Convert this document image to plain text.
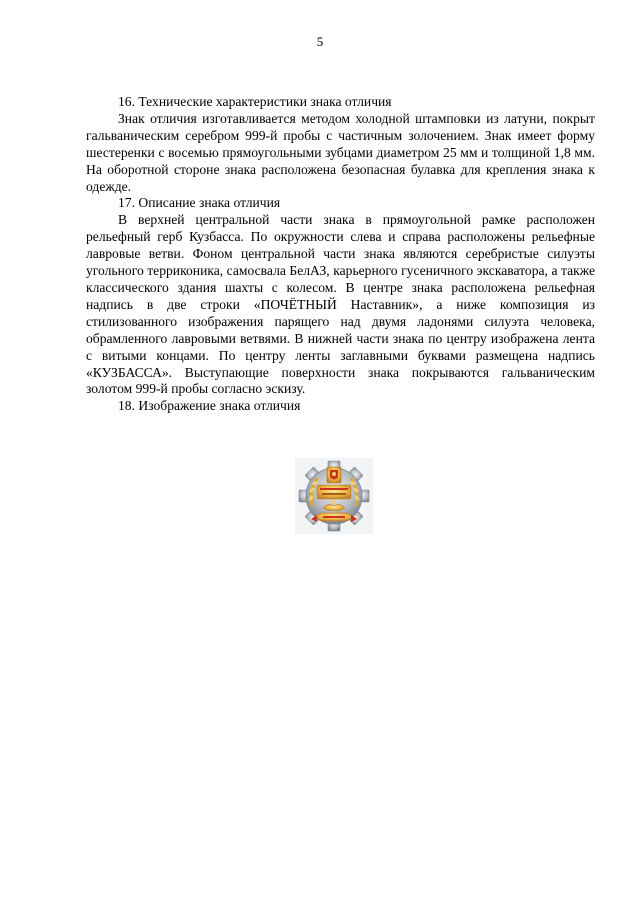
5

16. Технические характеристики знака отличия

Знак отличия изготавливается методом холодной штамповки из латуни, покрыт гальваническим серебром 999-й пробы с частичным золочением. Знак имеет форму шестеренки с восемью прямоугольными зубцами диаметром 25 мм и толщиной 1,8 мм. На оборотной стороне знака расположена безопасная булавка для крепления знака к одежде.

17. Описание знака отличия

В верхней центральной части знака в прямоугольной рамке расположен рельефный герб Кузбасса. По окружности слева и справа расположены рельефные лавровые ветви. Фоном центральной части знака являются серебристые силуэты угольного терриконика, самосвала БелАЗ, карьерного гусеничного экскаватора, а также классического здания шахты с колесом. В центре знака расположена рельефная надпись в две строки «ПОЧЁТНЫЙ Наставник», а ниже композиция из стилизованного изображения парящего над двумя ладонями силуэта человека, обрамленного лавровыми ветвями. В нижней части знака по центру изображена лента с витыми концами. По центру ленты заглавными буквами размещена надпись «КУЗБАССА». Выступающие поверхности знака покрываются гальваническим золотом 999-й пробы согласно эскизу.

18. Изображение знака отличия
